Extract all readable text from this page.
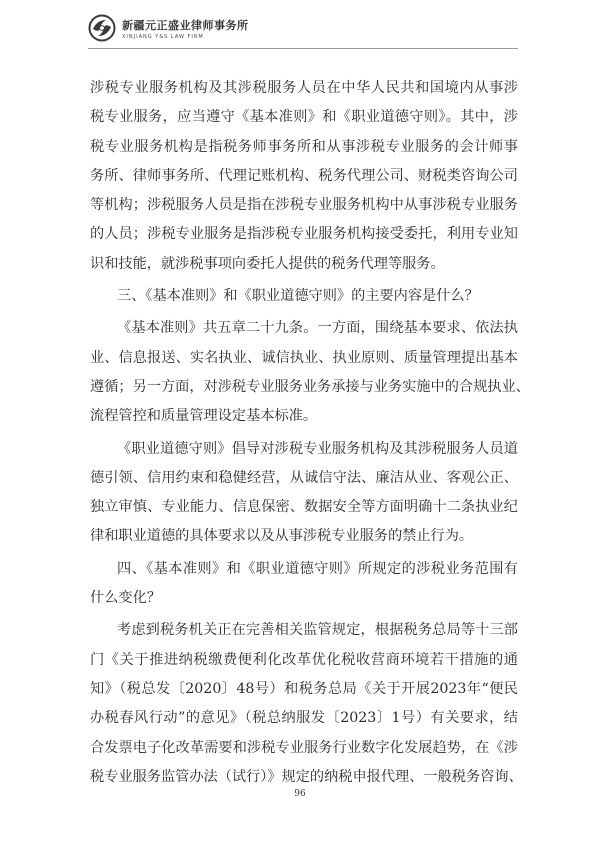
新疆元正盛业律师事务所
XINJIANG Y&S LAW FIRM
涉税专业服务机构及其涉税服务人员在中华人民共和国境内从事涉
税专业服务，应当遵守《基本准则》和《职业道德守则》。其中，涉
税专业服务机构是指税务师事务所和从事涉税专业服务的会计师事
务所、律师事务所、代理记账机构、税务代理公司、财税类咨询公司
等机构；涉税服务人员是指在涉税专业服务机构中从事涉税专业服务
的人员；涉税专业服务是指涉税专业服务机构接受委托，利用专业知
识和技能，就涉税事项向委托人提供的税务代理等服务。
三、《基本准则》和《职业道德守则》的主要内容是什么？
《基本准则》共五章二十九条。一方面，围绕基本要求、依法执
业、信息报送、实名执业、诚信执业、执业原则、质量管理提出基本
遵循；另一方面，对涉税专业服务业务承接与业务实施中的合规执业、
流程管控和质量管理设定基本标准。
《职业道德守则》倡导对涉税专业服务机构及其涉税服务人员道
德引领、信用约束和稳健经营，从诚信守法、廉洁从业、客观公正、
独立审慎、专业能力、信息保密、数据安全等方面明确十二条执业纪
律和职业道德的具体要求以及从事涉税专业服务的禁止行为。
四、《基本准则》和《职业道德守则》所规定的涉税业务范围有
什么变化？
考虑到税务机关正在完善相关监管规定，根据税务总局等十三部
门《关于推进纳税缴费便利化改革优化税收营商环境若干措施的通
知》（税总发〔2020〕48号）和税务总局《关于开展2023年“便民
办税春风行动”的意见》（税总纳服发〔2023〕1号）有关要求，结
合发票电子化改革需要和涉税专业服务行业数字化发展趋势，在《涉
税专业服务监管办法（试行）》规定的纳税申报代理、一般税务咨询、
96
